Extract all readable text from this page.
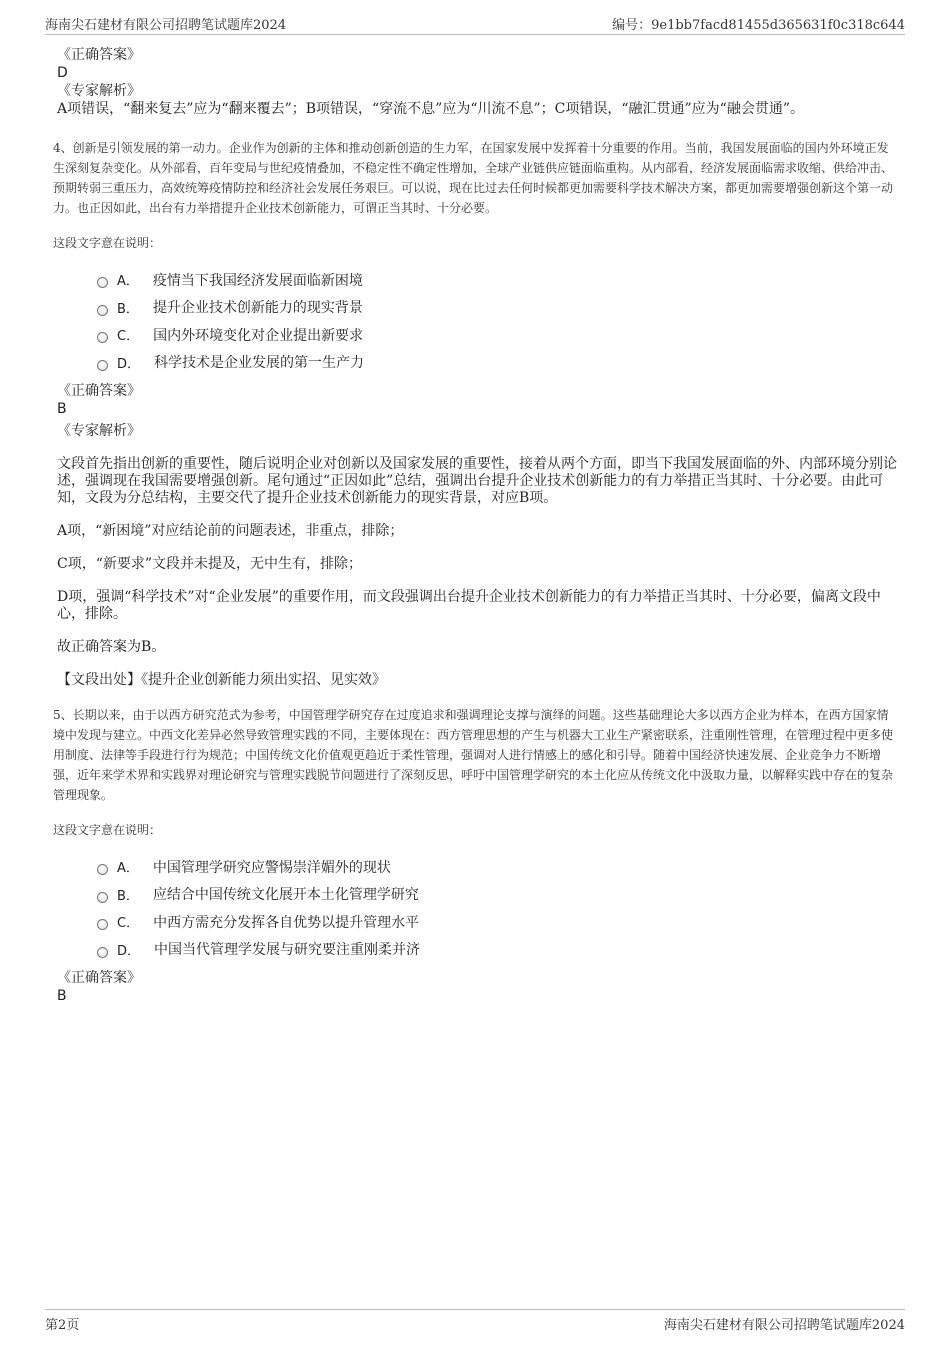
海南尖石建材有限公司招聘笔试题库2024	编号：9e1bb7facd81455d365631f0c318c644

《正确答案》

D

《专家解析》

A项错误，“翻来复去”应为“翻来覆去”；B项错误，“穿流不息”应为“川流不息”；C项错误，“融汇贯通”应为“融会贯通”。

4、创新是引领发展的第一动力。企业作为创新的主体和推动创新创造的生力军，在国家发展中发挥着十分重要的作用。当前，我国发展面临的国内外环境正发生深刻复杂变化。从外部看，百年变局与世纪疫情叠加，不稳定性不确定性增加，全球产业链供应链面临重构。从内部看，经济发展面临需求收缩、供给冲击、预期转弱三重压力，高效统筹疫情防控和经济社会发展任务艰巨。可以说，现在比过去任何时候都更加需要科学技术解决方案，都更加需要增强创新这个第一动力。也正因如此，出台有力举措提升企业技术创新能力，可谓正当其时、十分必要。

这段文字意在说明：

A． 疫情当下我国经济发展面临新困境
B． 提升企业技术创新能力的现实背景
C． 国内外环境变化对企业提出新要求
D． 科学技术是企业发展的第一生产力

《正确答案》

B

《专家解析》

文段首先指出创新的重要性，随后说明企业对创新以及国家发展的重要性，接着从两个方面，即当下我国发展面临的外、内部环境分别论述，强调现在我国需要增强创新。尾句通过“正因如此”总结，强调出台提升企业技术创新能力的有力举措正当其时、十分必要。由此可知，文段为分总结构，主要交代了提升企业技术创新能力的现实背景，对应B项。

A项，“新困境”对应结论前的问题表述，非重点，排除；

C项，“新要求”文段并未提及，无中生有，排除；

D项，强调“科学技术”对“企业发展”的重要作用，而文段强调出台提升企业技术创新能力的有力举措正当其时、十分必要，偏离文段中心，排除。

故正确答案为B。

【文段出处】《提升企业创新能力须出实招、见实效》

5、长期以来，由于以西方研究范式为参考，中国管理学研究存在过度追求和强调理论支撑与演绎的问题。这些基础理论大多以西方企业为样本，在西方国家情境中发现与建立。中西文化差异必然导致管理实践的不同，主要体现在：西方管理思想的产生与机器大工业生产紧密联系，注重刚性管理，在管理过程中更多使用制度、法律等手段进行行为规范；中国传统文化价值观更趋近于柔性管理，强调对人进行情感上的感化和引导。随着中国经济快速发展、企业竞争力不断增强，近年来学术界和实践界对理论研究与管理实践脱节问题进行了深刻反思，呼吁中国管理学研究的本土化应从传统文化中汲取力量，以解释实践中存在的复杂管理现象。

这段文字意在说明：

A． 中国管理学研究应警惕崇洋媚外的现状
B． 应结合中国传统文化展开本土化管理学研究
C． 中西方需充分发挥各自优势以提升管理水平
D． 中国当代管理学发展与研究要注重刚柔并济

《正确答案》

B

第2页	海南尖石建材有限公司招聘笔试题库2024
